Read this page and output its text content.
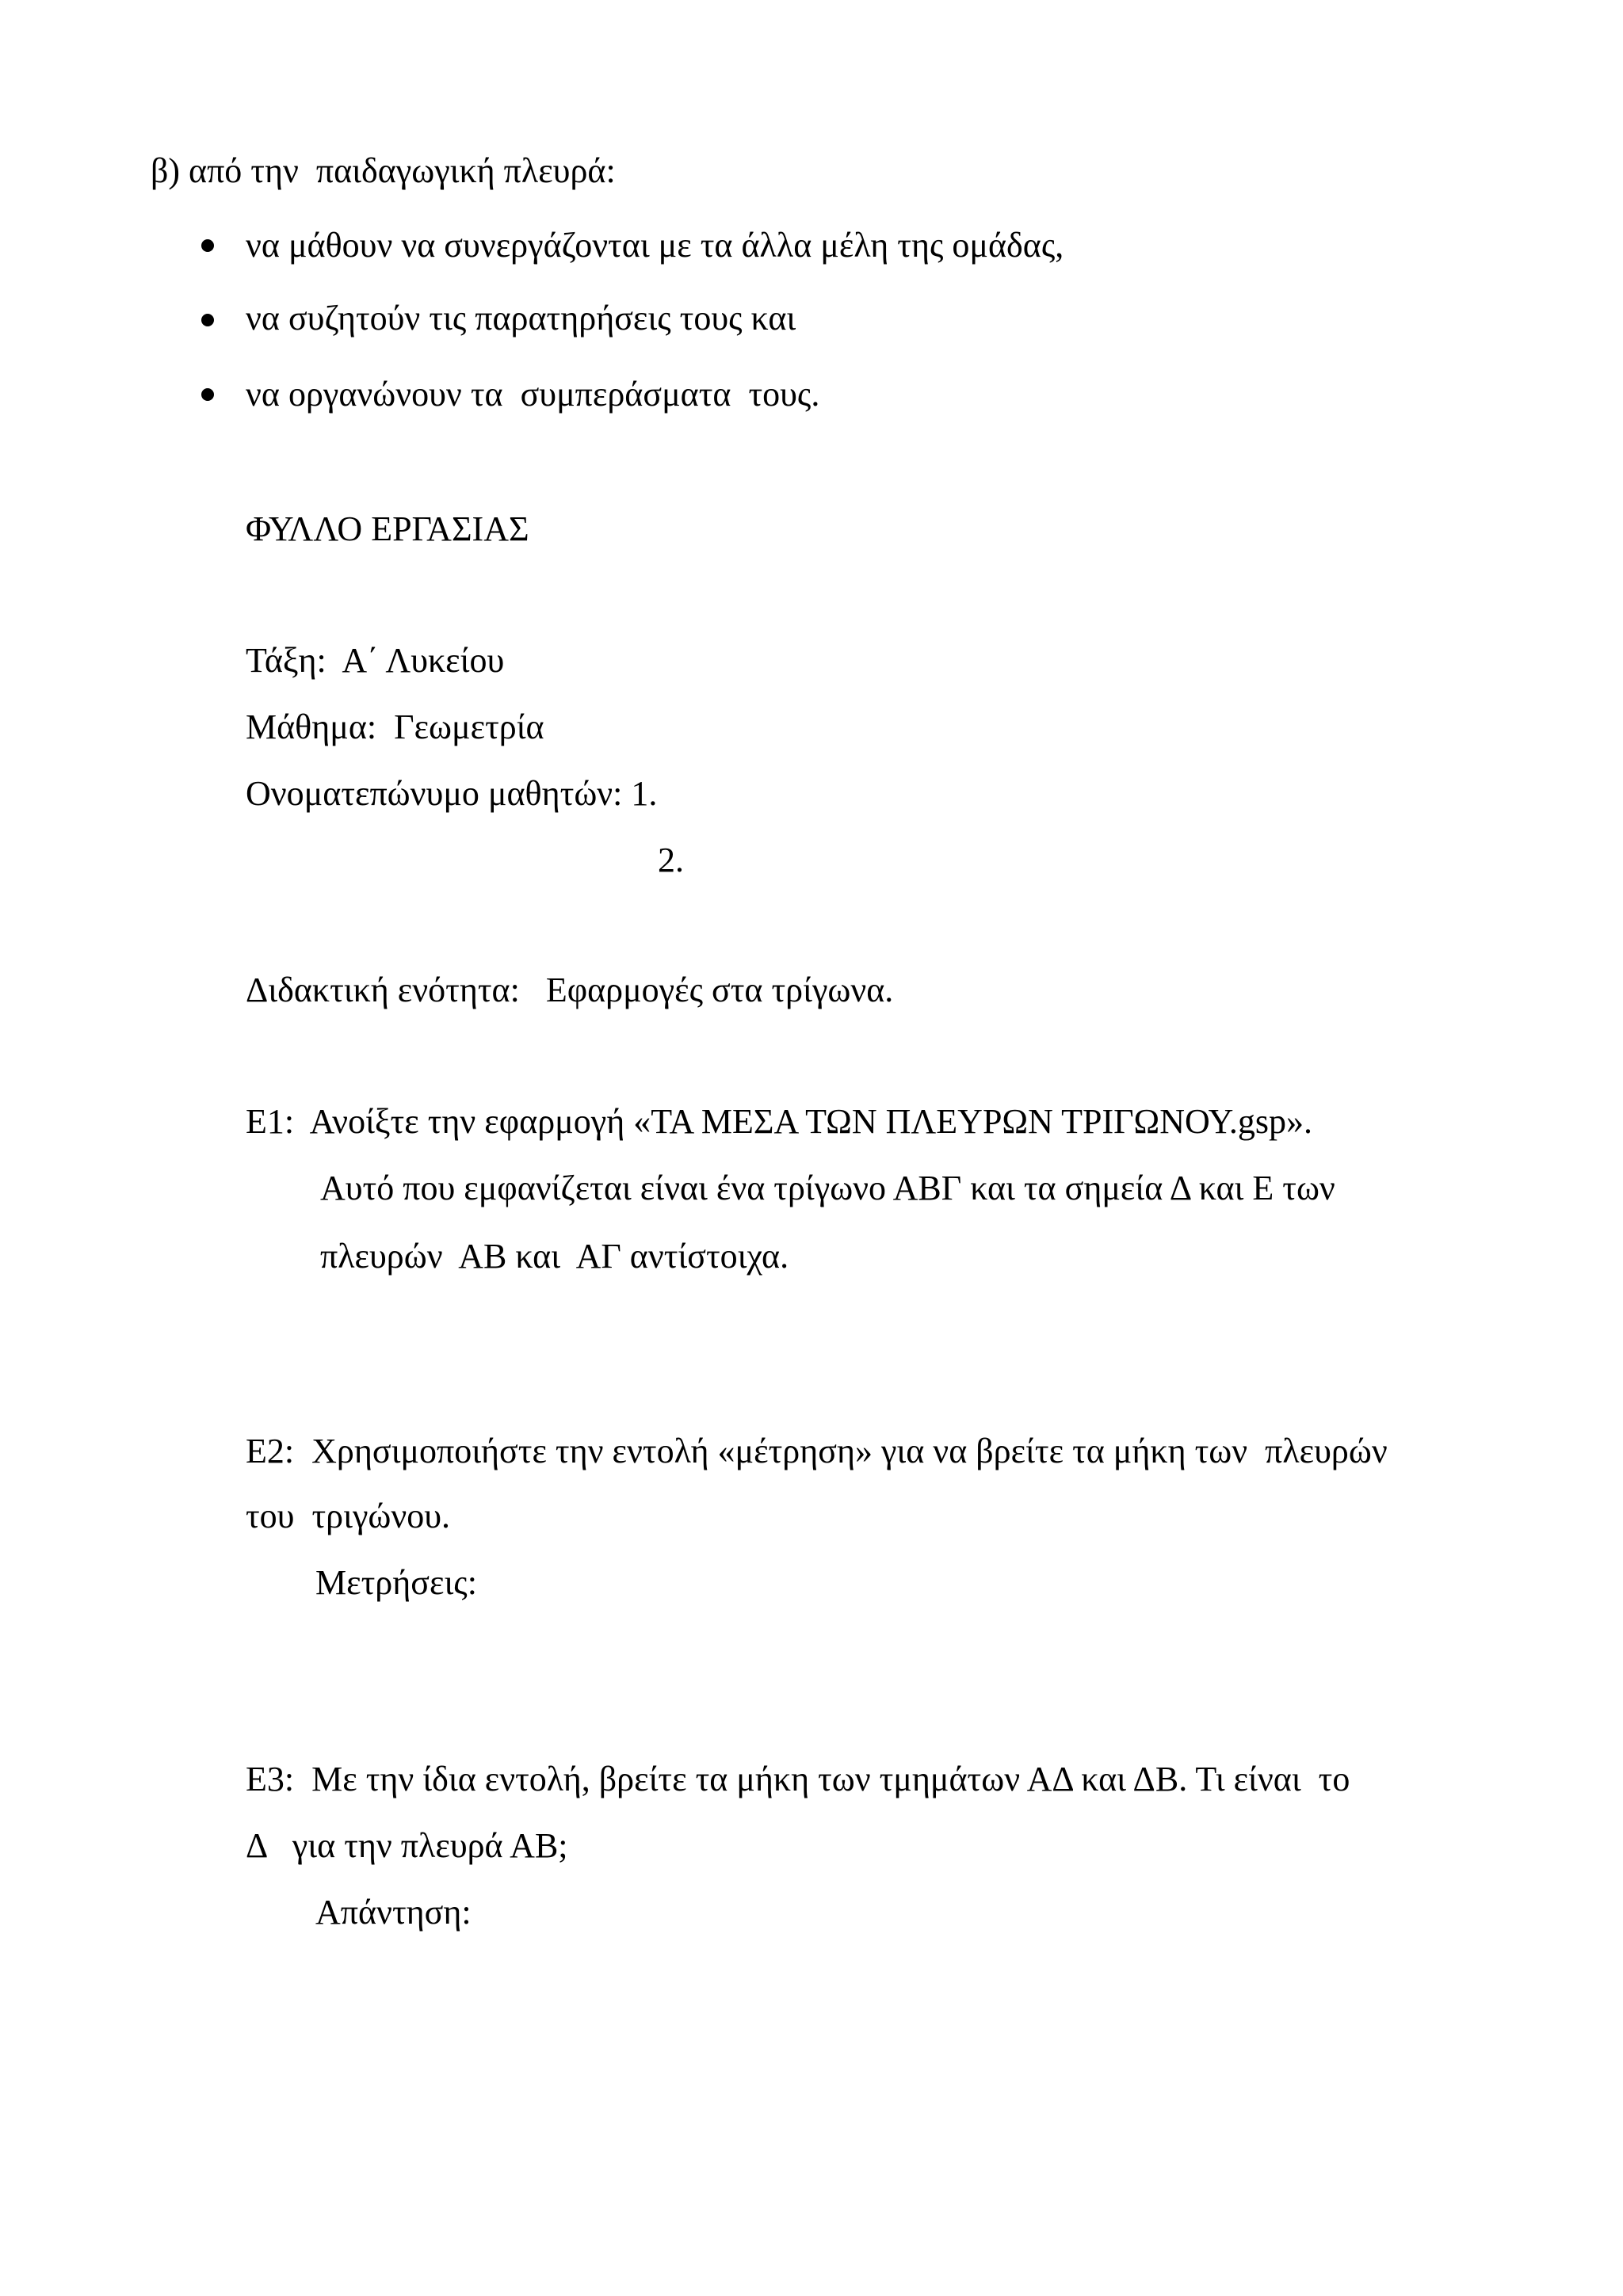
β) από την  παιδαγωγική πλευρά:

να μάθουν να συνεργάζονται με τα άλλα μέλη της ομάδας,

να συζητούν τις παρατηρήσεις τους και

να οργανώνουν τα  συμπεράσματα  τους.

ΦΥΛΛΟ ΕΡΓΑΣΙΑΣ

Τάξη:  Α΄ Λυκείου

Μάθημα:  Γεωμετρία

Ονοματεπώνυμο μαθητών: 1.

2.

Διδακτική ενότητα:   Εφαρμογές στα τρίγωνα.

Ε1:  Ανοίξτε την εφαρμογή «ΤΑ ΜΕΣΑ ΤΩΝ ΠΛΕΥΡΩΝ ΤΡΙΓΩΝΟΥ.gsp».

Αυτό που εμφανίζεται είναι ένα τρίγωνο ΑΒΓ και τα σημεία Δ και Ε των

πλευρών  ΑΒ και  ΑΓ αντίστοιχα.

Ε2:  Χρησιμοποιήστε την εντολή «μέτρηση» για να βρείτε τα μήκη των  πλευρών

του  τριγώνου.

Μετρήσεις:

Ε3:  Με την ίδια εντολή, βρείτε τα μήκη των τμημάτων ΑΔ και ΔΒ. Τι είναι  το

Δ   για την πλευρά ΑΒ;

Απάντηση:
